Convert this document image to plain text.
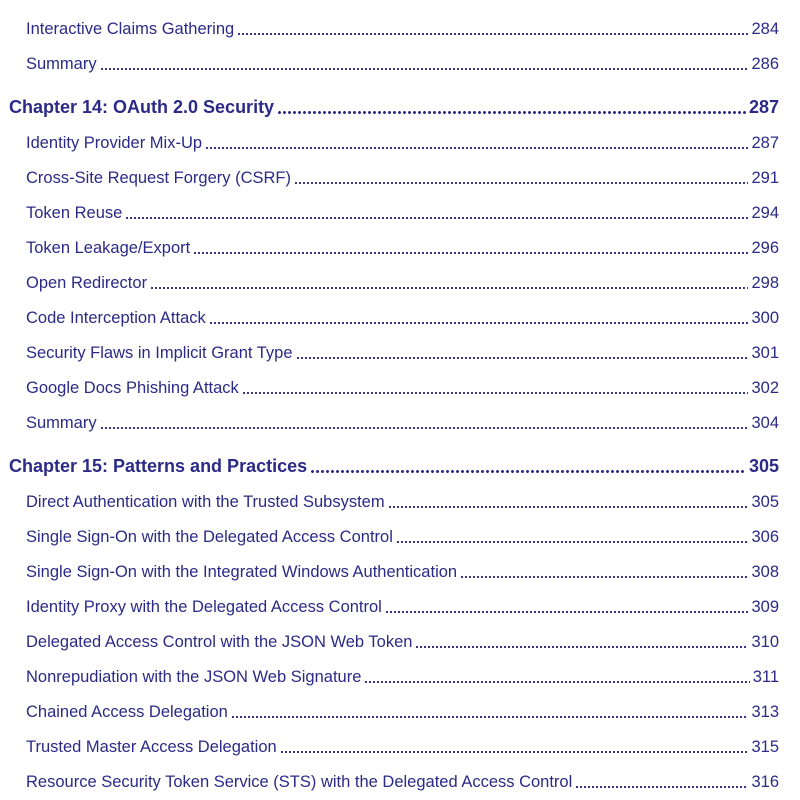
Interactive Claims Gathering	284
Summary	286
Chapter 14: OAuth 2.0 Security	287
Identity Provider Mix-Up	287
Cross-Site Request Forgery (CSRF)	291
Token Reuse	294
Token Leakage/Export	296
Open Redirector	298
Code Interception Attack	300
Security Flaws in Implicit Grant Type	301
Google Docs Phishing Attack	302
Summary	304
Chapter 15: Patterns and Practices	305
Direct Authentication with the Trusted Subsystem	305
Single Sign-On with the Delegated Access Control	306
Single Sign-On with the Integrated Windows Authentication	308
Identity Proxy with the Delegated Access Control	309
Delegated Access Control with the JSON Web Token	310
Nonrepudiation with the JSON Web Signature	311
Chained Access Delegation	313
Trusted Master Access Delegation	315
Resource Security Token Service (STS) with the Delegated Access Control	316
